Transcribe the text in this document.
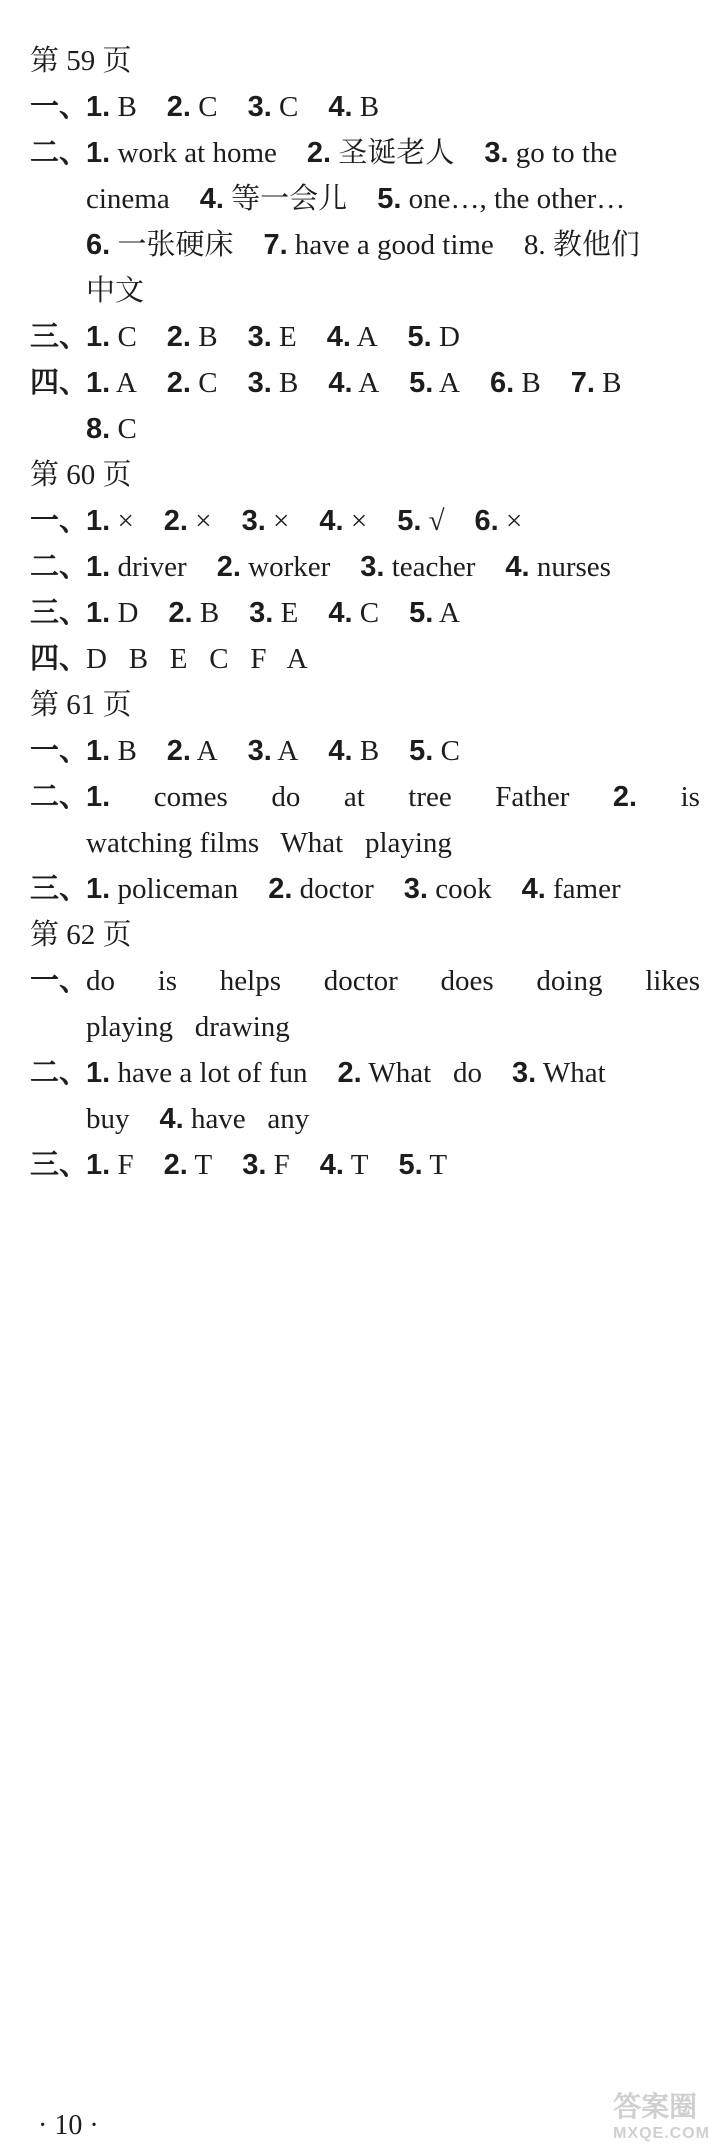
第 59 页
一、1. B 2. C 3. C 4. B
二、1. work at home 2. 圣诞老人 3. go to the
cinema 4. 等一会儿 5. one…, the other…
6. 一张硬床 7. have a good time 8. 教他们
中文
三、1. C 2. B 3. E 4. A 5. D
四、1. A 2. C 3. B 4. A 5. A 6. B 7. B
8. C
第 60 页
一、1. × 2. × 3. × 4. × 5. √ 6. ×
二、1. driver 2. worker 3. teacher 4. nurses
三、1. D 2. B 3. E 4. C 5. A
四、D   B   E   C   F   A
第 61 页
一、1. B 2. A 3. A 4. B 5. C
二、
1. comes do at tree Father 2. is
watching films   What   playing
三、1. policeman 2. doctor 3. cook 4. famer
第 62 页
一、
do is helps doctor does doing likes
playing   drawing
二、1. have a lot of fun 2. What   do 3. What
buy 4. have   any
三、1. F 2. T 3. F 4. T 5. T
· 10 ·
答案圈
MXQE.COM
